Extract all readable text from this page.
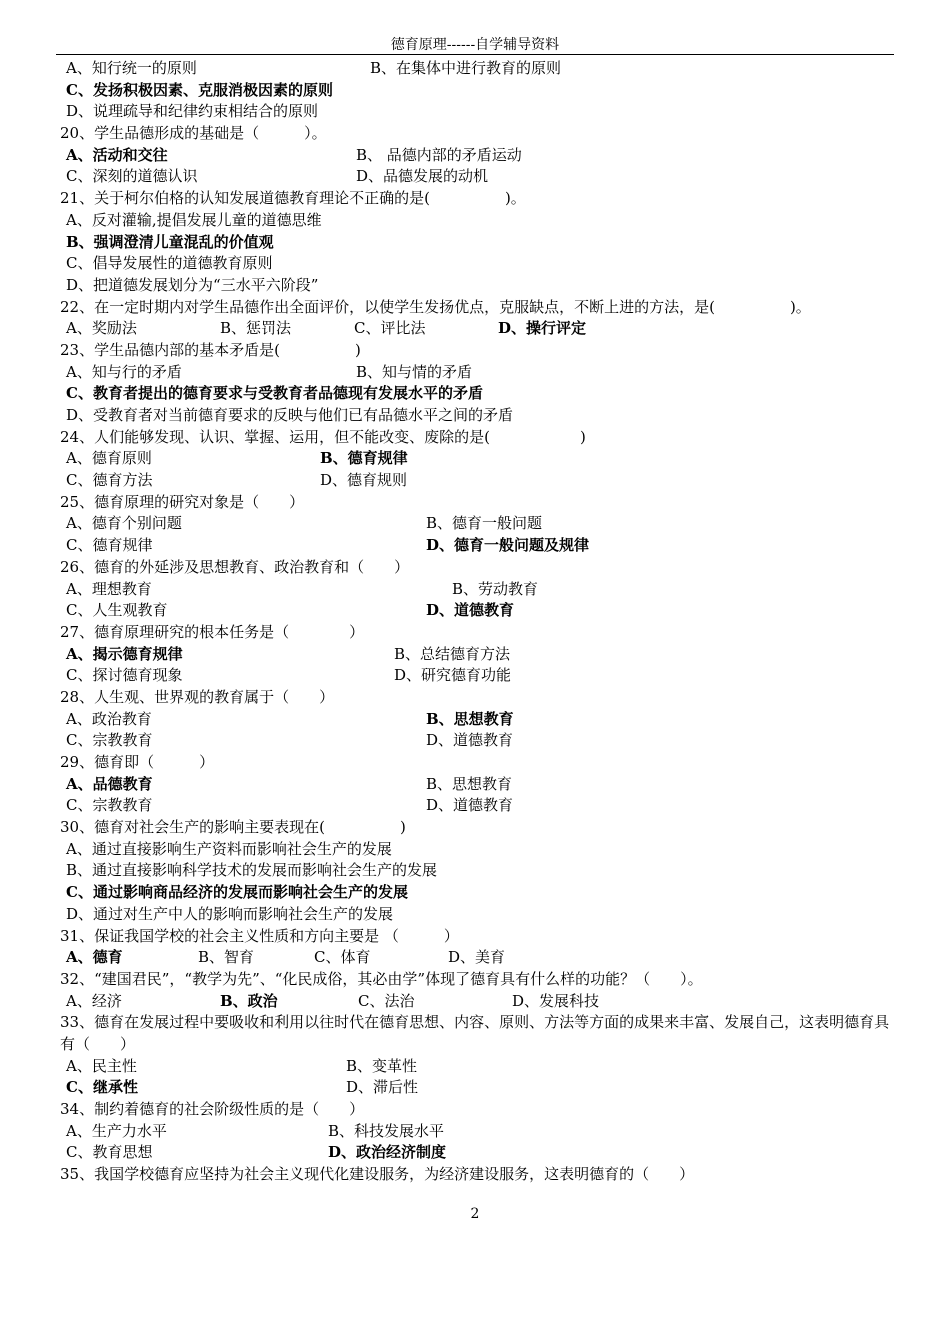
德育原理------自学辅导资料
A、知行统一的原则	B、在集体中进行教育的原则
C、发扬积极因素、克服消极因素的原则
D、说理疏导和纪律约束相结合的原则
20、学生品德形成的基础是（　　　）。
A、活动和交往	B、 品德内部的矛盾运动
C、深刻的道德认识	D、品德发展的动机
21、关于柯尔伯格的认知发展道德教育理论不正确的是(　　　　　)。
A、反对灌输,提倡发展儿童的道德思维
B、强调澄清儿童混乱的价值观
C、倡导发展性的道德教育原则
D、把道德发展划分为“三水平六阶段”
22、在一定时期内对学生品德作出全面评价，以使学生发扬优点，克服缺点，不断上进的方法，是(　　　　　)。
A、奖励法	B、惩罚法	C、评比法	D、操行评定
23、学生品德内部的基本矛盾是(　　　　　)
A、知与行的矛盾	B、知与情的矛盾
C、教育者提出的德育要求与受教育者品德现有发展水平的矛盾
D、受教育者对当前德育要求的反映与他们已有品德水平之间的矛盾
24、人们能够发现、认识、掌握、运用，但不能改变、废除的是(　　　　　　)
A、德育原则	B、德育规律
C、德育方法	D、德育规则
25、德育原理的研究对象是（　　）
A、德育个别问题	B、德育一般问题
C、德育规律	D、德育一般问题及规律
26、德育的外延涉及思想教育、政治教育和（　　）
A、理想教育	B、劳动教育
C、人生观教育	D、道德教育
27、德育原理研究的根本任务是（　　　　）
A、揭示德育规律	B、总结德育方法
C、探讨德育现象	D、研究德育功能
28、人生观、世界观的教育属于（　　）
A、政治教育	B、思想教育
C、宗教教育	D、道德教育
29、德育即（　　　）
A、品德教育	B、思想教育
C、宗教教育	D、道德教育
30、德育对社会生产的影响主要表现在(　　　　　)
A、通过直接影响生产资料而影响社会生产的发展
B、通过直接影响科学技术的发展而影响社会生产的发展
C、通过影响商品经济的发展而影响社会生产的发展
D、通过对生产中人的影响而影响社会生产的发展
31、保证我国学校的社会主义性质和方向主要是 （　　　）
A、德育	B、智育	C、体育	D、美育
32、“建国君民”，“教学为先”、“化民成俗，其必由学”体现了德育具有什么样的功能？（　　）。
A、经济	B、政治	C、法治	D、发展科技
33、德育在发展过程中要吸收和利用以往时代在德育思想、内容、原则、方法等方面的成果来丰富、发展自己，这表明德育具有（　　）
A、民主性	B、变革性
C、继承性	D、滞后性
34、制约着德育的社会阶级性质的是（　　）
A、生产力水平	B、科技发展水平
C、教育思想	D、政治经济制度
35、我国学校德育应坚持为社会主义现代化建设服务，为经济建设服务，这表明德育的（　　）
2
